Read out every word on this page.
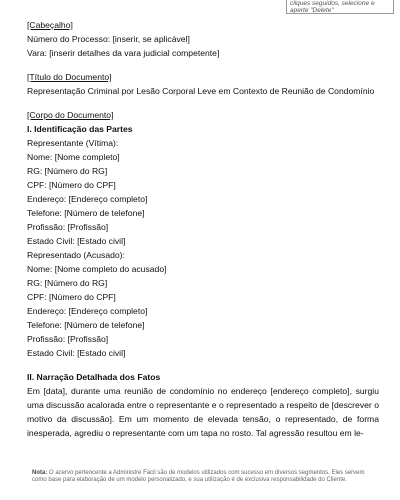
cliques seguidos, selecione e aperte "Delete"
[Cabeçalho]
Número do Processo: [inserir, se aplicável]
Vara: [inserir detalhes da vara judicial competente]
[Título do Documento]
Representação Criminal por Lesão Corporal Leve em Contexto de Reunião de Condomínio
[Corpo do Documento]
I. Identificação das Partes
Representante (Vítima):
Nome: [Nome completo]
RG: [Número do RG]
CPF: [Número do CPF]
Endereço: [Endereço completo]
Telefone: [Número de telefone]
Profissão: [Profissão]
Estado Civil: [Estado civil]
Representado (Acusado):
Nome: [Nome completo do acusado]
RG: [Número do RG]
CPF: [Número do CPF]
Endereço: [Endereço completo]
Telefone: [Número de telefone]
Profissão: [Profissão]
Estado Civil: [Estado civil]
II. Narração Detalhada dos Fatos
Em [data], durante uma reunião de condomínio no endereço [endereço completo], surgiu uma discussão acalorada entre o representante e o representado a respeito de [descrever o motivo da discussão]. Em um momento de elevada tensão, o representado, de forma inesperada, agrediu o representante com um tapa no rosto. Tal agressão resultou em le-
Nota: O acervo pertencente a Administre Fácil são de modelos utilizados com sucesso em diversos segmentos. Eles servem como base para elaboração de um modelo personalizado, e sua utilização é de exclusiva responsabilidade do Cliente.
